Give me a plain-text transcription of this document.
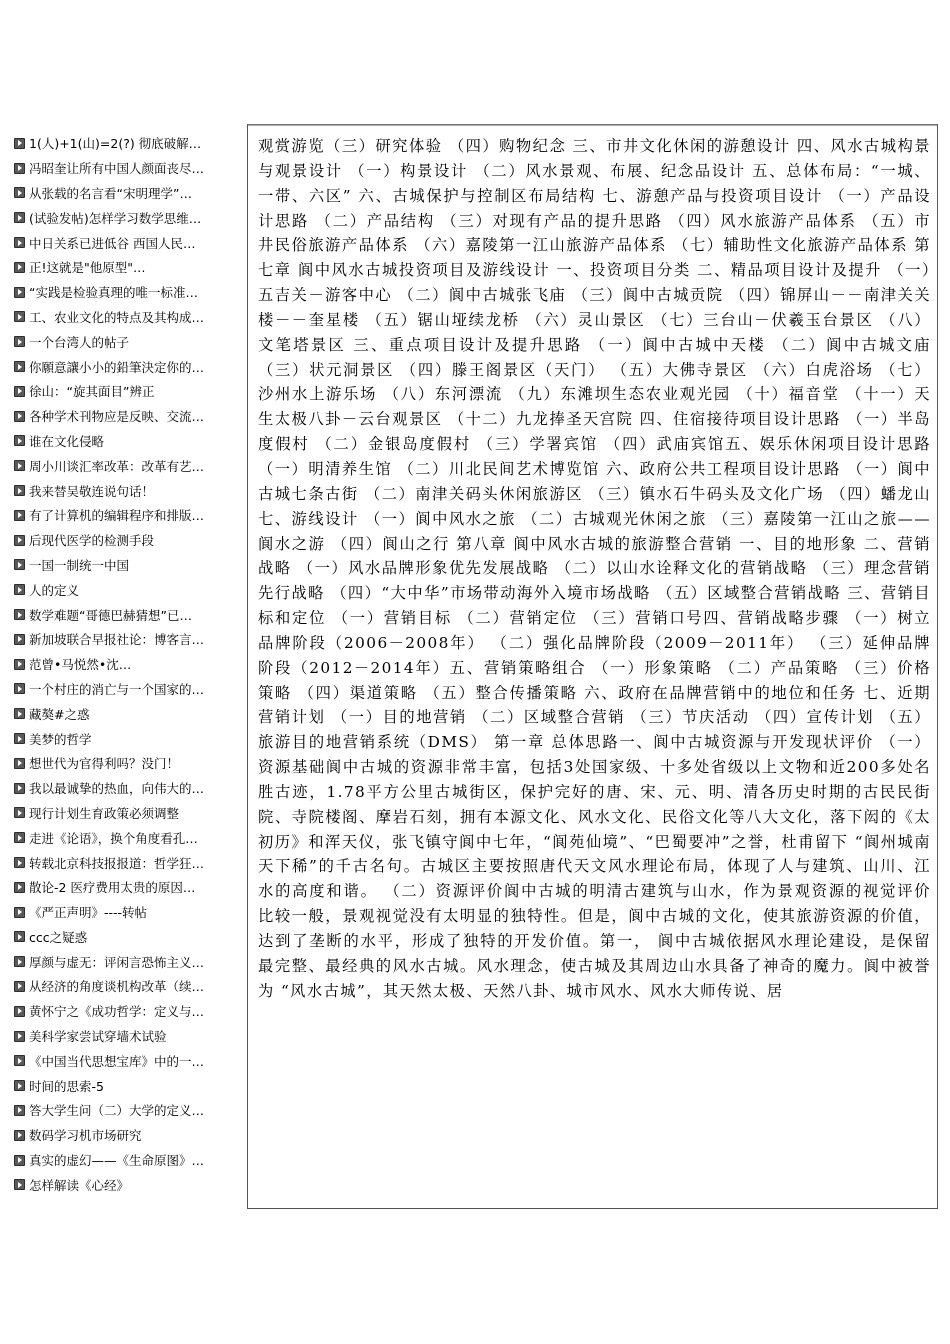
1(人)+1(山)=2(?) 彻底破解…
冯昭奎让所有中国人颜面丧尽…
从张载的名言看“宋明理学”…
(试验发帖)怎样学习数学思维…
中日关系已进低谷 西国人民…
正!这就是"他原型"…
“实践是检验真理的唯一标准…
工、农业文化的特点及其构成…
一个台湾人的帖子
你願意讓小小的鉛筆決定你的…
徐山：“旋其面目”辨正
各种学术刊物应是反映、交流…
谁在文化侵略
周小川谈汇率改革：改革有艺…
我来替吴敬连说句话！
有了计算机的编辑程序和排版…
后现代医学的检测手段
一国一制统一中国
人的定义
数学难题“哥德巴赫猜想”已…
新加坡联合早报社论：博客言…
范曾•马悦然•沈…
一个村庄的消亡与一个国家的…
藏獒#之惑
美梦的哲学
想世代为官得利吗？没门！
我以最诚挚的热血，向伟大的…
现行计划生育政策必须调整
走进《论语》，换个角度看孔…
转载北京科技报报道：哲学狂…
散论-2 医疗费用太贵的原因…
《严正声明》----转帖
ccc之疑惑
厚颜与虚无：评闲言恐怖主义…
从经济的角度谈机构改革（续…
黄怀宁之《成功哲学：定义与…
美科学家尝试穿墙术试验
《中国当代思想宝库》中的一…
时间的思索-5
答大学生问（二）大学的定义…
数码学习机市场研究
真实的虚幻——《生命原图》…
怎样解读《心经》

观赏游览（三）研究体验 （四）购物纪念 三、市井文化休闲的游憩设计 四、风水古城构景与观景设计 （一）构景设计 （二）风水景观、布展、纪念品设计 五、总体布局：“一城、一带、六区” 六、古城保护与控制区布局结构 七、游憩产品与投资项目设计 （一）产品设计思路 （二）产品结构 （三）对现有产品的提升思路 （四）风水旅游产品体系 （五）市井民俗旅游产品体系 （六）嘉陵第一江山旅游产品体系 （七）辅助性文化旅游产品体系 第七章 阆中风水古城投资项目及游线设计 一、投资项目分类 二、精品项目设计及提升 （一）五吉关－游客中心 （二）阆中古城张飞庙 （三）阆中古城贡院 （四）锦屏山－－南津关关楼－－奎星楼 （五）锯山垭续龙桥 （六）灵山景区 （七）三台山－伏羲玉台景区 （八）文笔塔景区 三、重点项目设计及提升思路 （一）阆中古城中天楼 （二）阆中古城文庙 （三）状元洞景区 （四）滕王阁景区（天门） （五）大佛寺景区 （六）白虎浴场 （七）沙州水上游乐场 （八）东河漂流 （九）东滩坝生态农业观光园 （十）福音堂 （十一）天生太极八卦－云台观景区 （十二）九龙捧圣天宫院 四、住宿接待项目设计思路 （一）半岛度假村 （二）金银岛度假村 （三）学署宾馆 （四）武庙宾馆五、娱乐休闲项目设计思路 （一）明清养生馆 （二）川北民间艺术博览馆 六、政府公共工程项目设计思路 （一）阆中古城七条古街 （二）南津关码头休闲旅游区 （三）镇水石牛码头及文化广场 （四）蟠龙山 七、游线设计 （一）阆中风水之旅 （二）古城观光休闲之旅 （三）嘉陵第一江山之旅——阆水之游 （四）阆山之行 第八章 阆中风水古城的旅游整合营销 一、目的地形象 二、营销战略 （一）风水品牌形象优先发展战略 （二）以山水诠释文化的营销战略 （三）理念营销先行战略 （四）“大中华”市场带动海外入境市场战略 （五）区域整合营销战略 三、营销目标和定位 （一）营销目标 （二）营销定位 （三）营销口号四、营销战略步骤 （一）树立品牌阶段（2006－2008年） （二）强化品牌阶段（2009－2011年） （三）延伸品牌阶段（2012－2014年）五、营销策略组合 （一）形象策略 （二）产品策略 （三）价格策略 （四）渠道策略 （五）整合传播策略 六、政府在品牌营销中的地位和任务 七、近期营销计划 （一）目的地营销 （二）区域整合营销 （三）节庆活动 （四）宣传计划 （五）旅游目的地营销系统（DMS） 第一章 总体思路一、阆中古城资源与开发现状评价 （一）资源基础阆中古城的资源非常丰富，包括3处国家级、十多处省级以上文物和近200多处名胜古迹，1.78平方公里古城街区，保护完好的唐、宋、元、明、清各历史时期的古民民街院、寺院楼阁、摩岩石刻，拥有本源文化、风水文化、民俗文化等八大文化，落下闳的《太初历》和浑天仪，张飞镇守阆中七年，“阆苑仙境”、“巴蜀要冲”之誉，杜甫留下 “阆州城南天下稀”的千古名句。古城区主要按照唐代天文风水理论布局，体现了人与建筑、山川、江水的高度和谐。 （二）资源评价阆中古城的明清古建筑与山水，作为景观资源的视觉评价比较一般，景观视觉没有太明显的独特性。但是，阆中古城的文化，使其旅游资源的价值，达到了垄断的水平，形成了独特的开发价值。第一， 阆中古城依据风水理论建设，是保留最完整、最经典的风水古城。风水理念，使古城及其周边山水具备了神奇的魔力。阆中被誉为 “风水古城”，其天然太极、天然八卦、城市风水、风水大师传说、居
